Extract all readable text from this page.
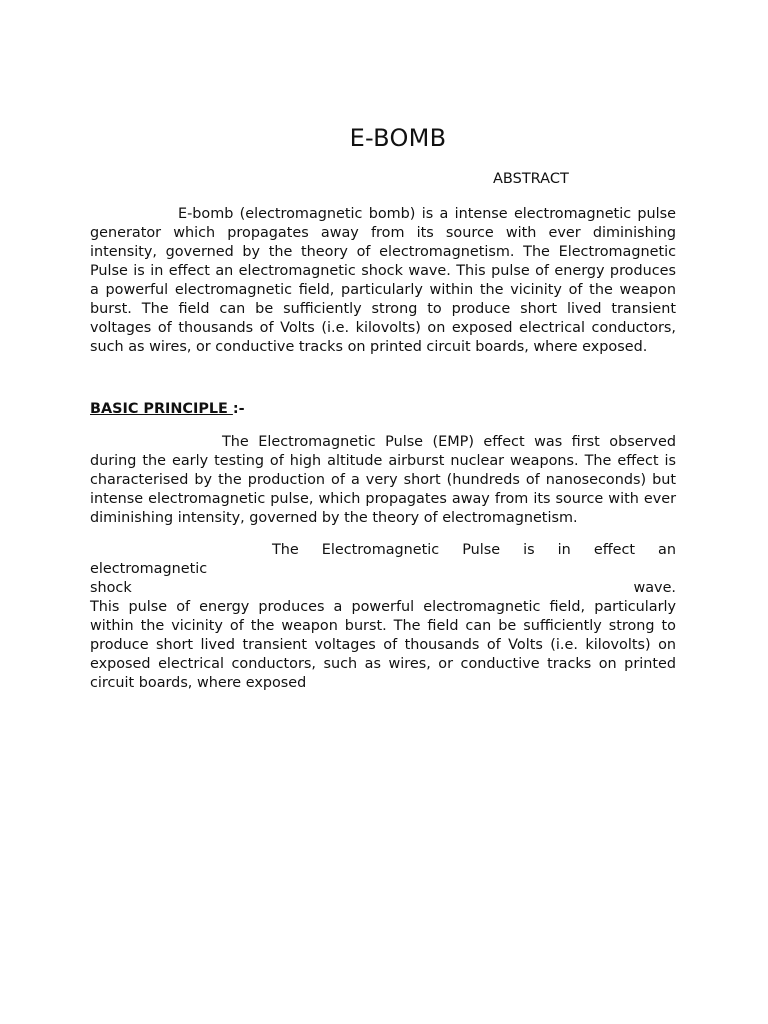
E-BOMB
ABSTRACT

E-bomb (electromagnetic bomb) is a intense electromagnetic pulse generator which propagates away from its source with ever diminishing intensity, governed by the theory of electromagnetism. The Electromagnetic Pulse is in effect an electromagnetic shock wave. This pulse of energy produces a powerful electromagnetic field, particularly within the vicinity of the weapon burst. The field can be sufficiently strong to produce short lived transient voltages of thousands of Volts (i.e. kilovolts) on exposed electrical conductors, such as wires, or conductive tracks on printed circuit boards, where exposed.

BASIC PRINCIPLE :-

The Electromagnetic Pulse (EMP) effect was first observed during the early testing of high altitude airburst nuclear weapons. The effect is characterised by the production of a very short (hundreds of nanoseconds) but intense electromagnetic pulse, which propagates away from its source with ever diminishing intensity, governed by the theory of electromagnetism.

The Electromagnetic Pulse is in effect an electromagnetic
shock wave.
This pulse of energy produces a powerful electromagnetic field, particularly within the vicinity of the weapon burst. The field can be sufficiently strong to produce short lived transient voltages of thousands of Volts (i.e. kilovolts) on exposed electrical conductors, such as wires, or conductive tracks on printed circuit boards, where exposed
